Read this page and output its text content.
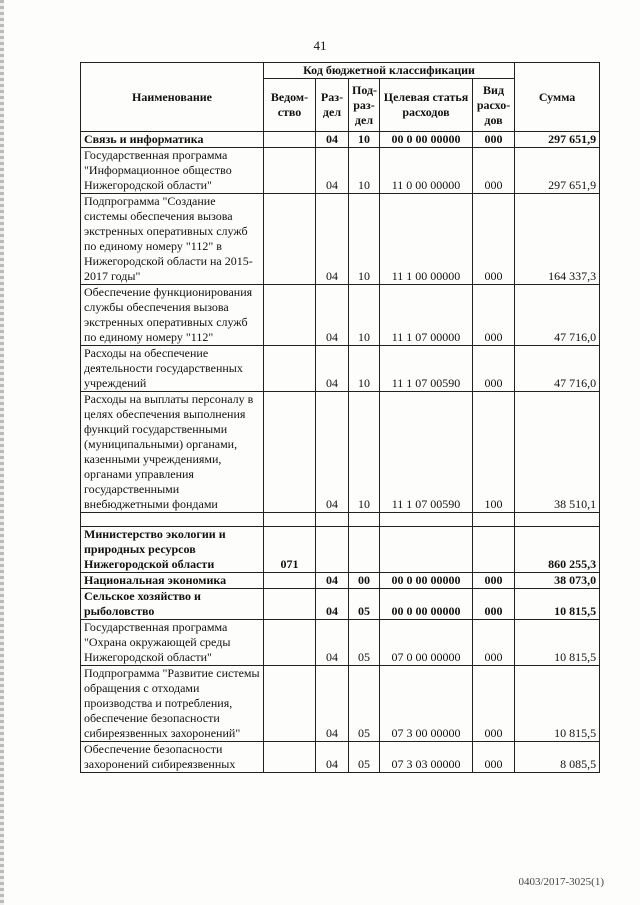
41
Наименование	Код бюджетной классификации					Сумма
	Ведом-ство	Раз-дел	Под-раз-дел	Целевая статья расходов	Вид расхо-дов	
Связь и информатика		04	10	00 0 00 00000	000	297 651,9
Государственная программа "Информационное общество Нижегородской области"		04	10	11 0 00 00000	000	297 651,9
Подпрограмма "Создание системы обеспечения вызова экстренных оперативных служб по единому номеру "112" в Нижегородской области на 2015-2017 годы"		04	10	11 1 00 00000	000	164 337,3
Обеспечение функционирования службы обеспечения вызова экстренных оперативных служб по единому номеру "112"		04	10	11 1 07 00000	000	47 716,0
Расходы на обеспечение деятельности государственных учреждений		04	10	11 1 07 00590	000	47 716,0
Расходы на выплаты персоналу в целях обеспечения выполнения функций государственными (муниципальными) органами, казенными учреждениями, органами управления государственными внебюджетными фондами		04	10	11 1 07 00590	100	38 510,1

Министерство экологии и природных ресурсов Нижегородской области	071					860 255,3
Национальная экономика		04	00	00 0 00 00000	000	38 073,0
Сельское хозяйство и рыболовство		04	05	00 0 00 00000	000	10 815,5
Государственная программа "Охрана окружающей среды Нижегородской области"		04	05	07 0 00 00000	000	10 815,5
Подпрограмма "Развитие системы обращения с отходами производства и потребления, обеспечение безопасности сибиреязвенных захоронений"		04	05	07 3 00 00000	000	10 815,5
Обеспечение безопасности захоронений сибиреязвенных		04	05	07 3 03 00000	000	8 085,5
0403/2017-3025(1)
